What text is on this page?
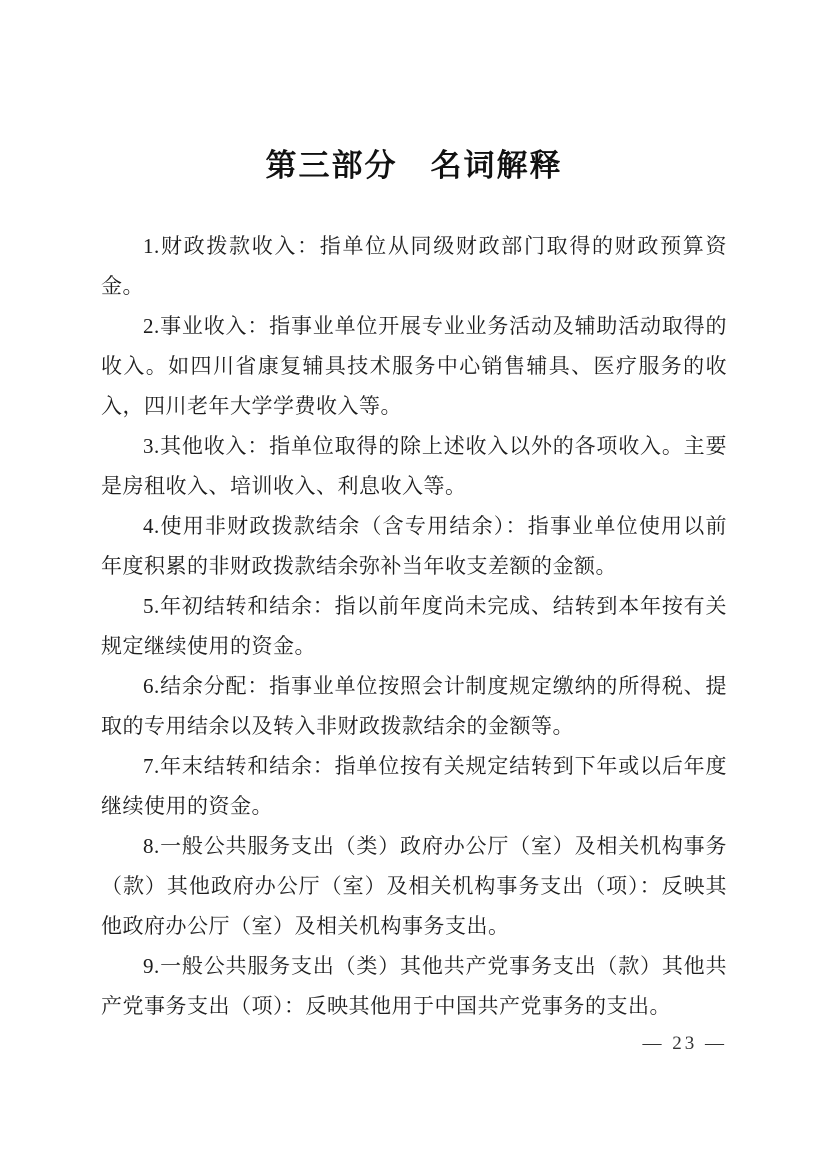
第三部分　名词解释

1.财政拨款收入：指单位从同级财政部门取得的财政预算资金。

2.事业收入：指事业单位开展专业业务活动及辅助活动取得的收入。如四川省康复辅具技术服务中心销售辅具、医疗服务的收入，四川老年大学学费收入等。

3.其他收入：指单位取得的除上述收入以外的各项收入。主要是房租收入、培训收入、利息收入等。

4.使用非财政拨款结余（含专用结余）：指事业单位使用以前年度积累的非财政拨款结余弥补当年收支差额的金额。

5.年初结转和结余：指以前年度尚未完成、结转到本年按有关规定继续使用的资金。

6.结余分配：指事业单位按照会计制度规定缴纳的所得税、提取的专用结余以及转入非财政拨款结余的金额等。

7.年末结转和结余：指单位按有关规定结转到下年或以后年度继续使用的资金。

8.一般公共服务支出（类）政府办公厅（室）及相关机构事务（款）其他政府办公厅（室）及相关机构事务支出（项）：反映其他政府办公厅（室）及相关机构事务支出。

9.一般公共服务支出（类）其他共产党事务支出（款）其他共产党事务支出（项）：反映其他用于中国共产党事务的支出。

— 23 —
